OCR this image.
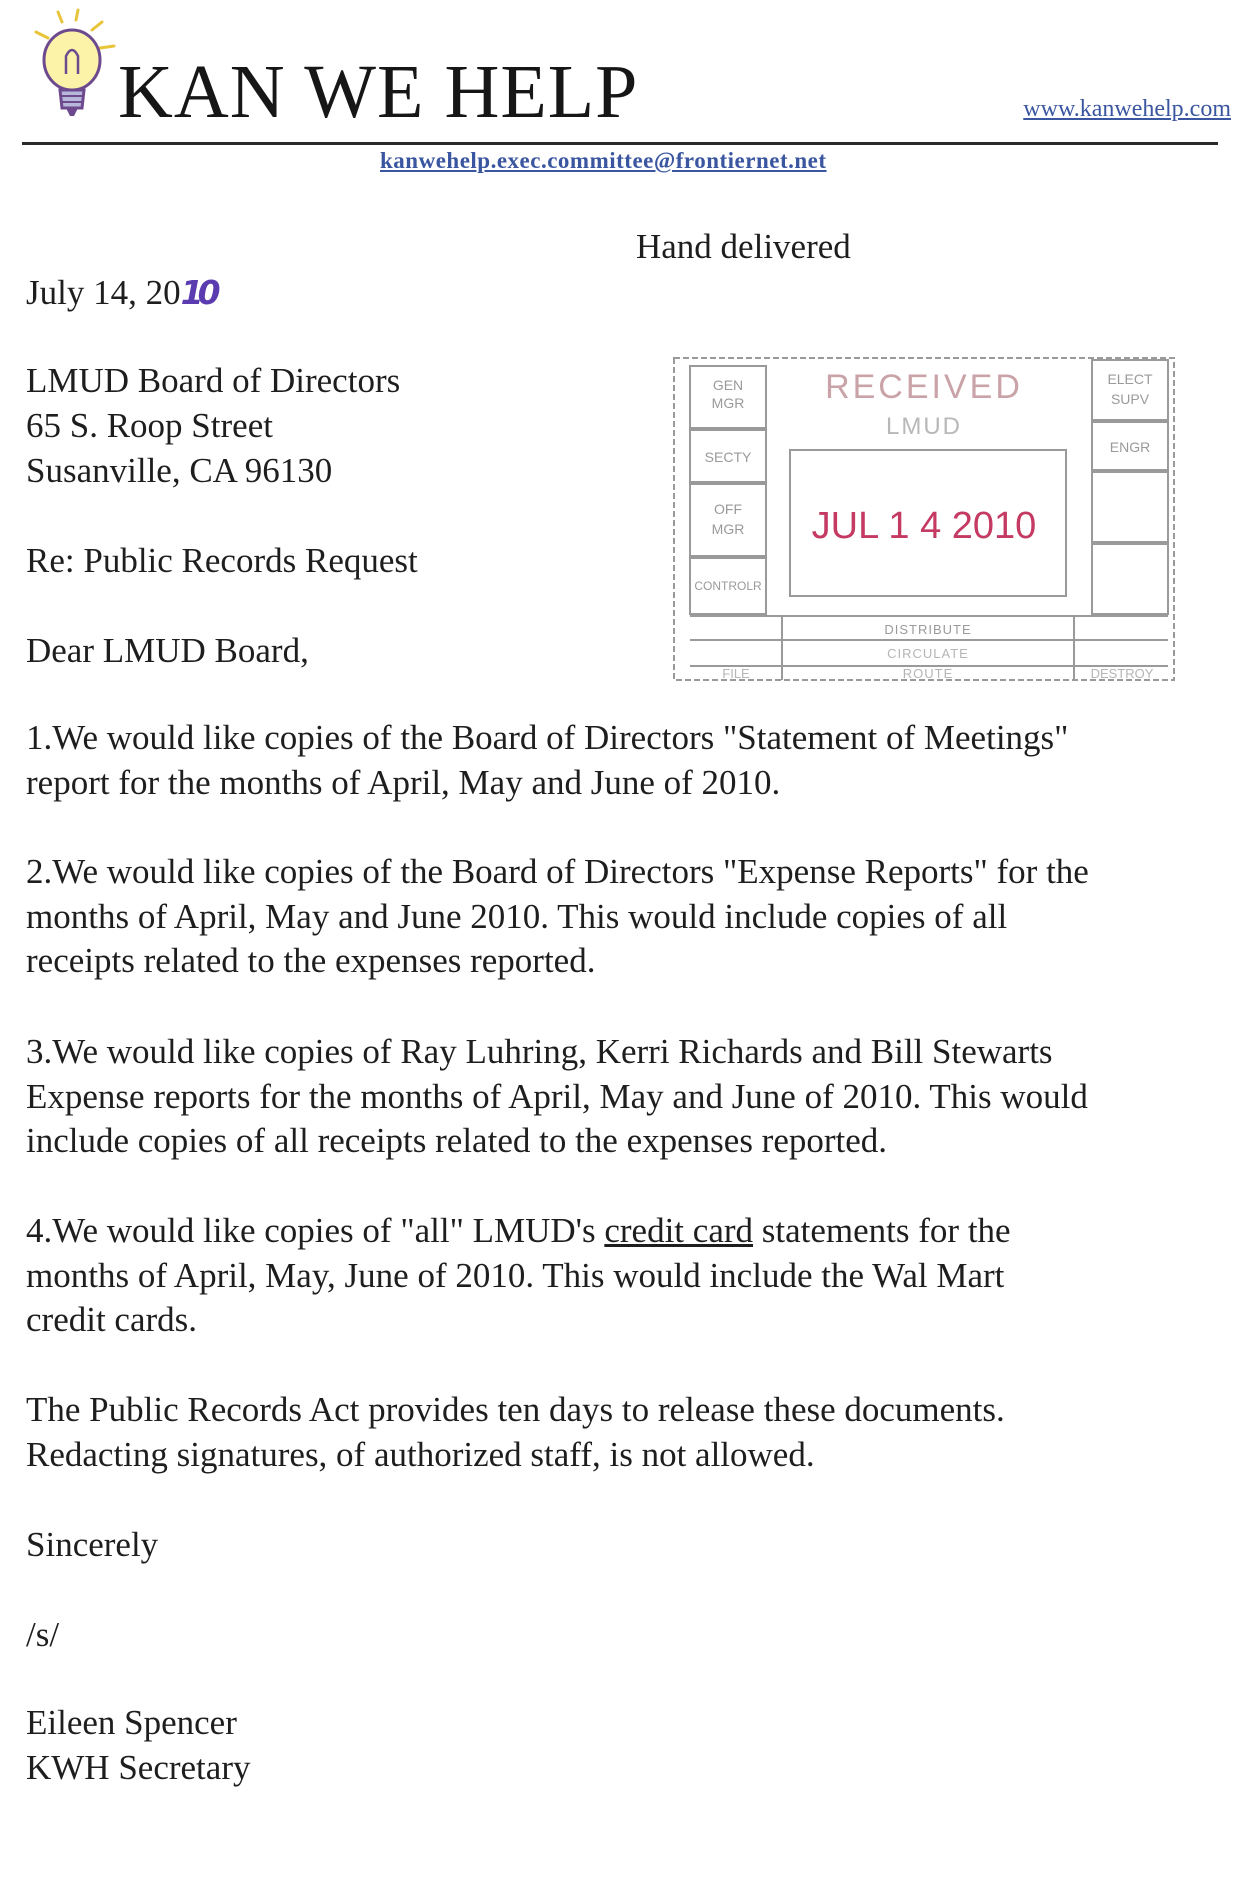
KAN WE HELP	www.kanwehelp.com
kanwehelp.exec.committee@frontiernet.net
Hand delivered
July 14, 2010
LMUD Board of Directors
65 S. Roop Street
Susanville, CA 96130
Re: Public Records Request
Dear LMUD Board,
RECEIVED
LMUD
JUL 1 4 2010
GEN
MGR
SECTY
OFF
MGR
CONTROLR
ELECT
SUPV
ENGR
DISTRIBUTE
CIRCULATE
ROUTE
FILE	DESTROY

1.We would like copies of the Board of Directors "Statement of Meetings"

report for the months of April, May and June of 2010.

2.We would like copies of the Board of Directors "Expense Reports" for the

months of April, May and June 2010. This would include copies of all

receipts related to the expenses reported.

3.We would like copies of Ray Luhring, Kerri Richards and Bill Stewarts

Expense reports for the months of April, May and June of 2010. This would

include copies of all receipts related to the expenses reported.

4.We would like copies of "all" LMUD's credit card statements for the

months of April, May, June of 2010. This would include the Wal Mart

credit cards.

The Public Records Act provides ten days to release these documents.

Redacting signatures, of authorized staff, is not allowed.

Sincerely
/s/
Eileen Spencer
KWH Secretary
